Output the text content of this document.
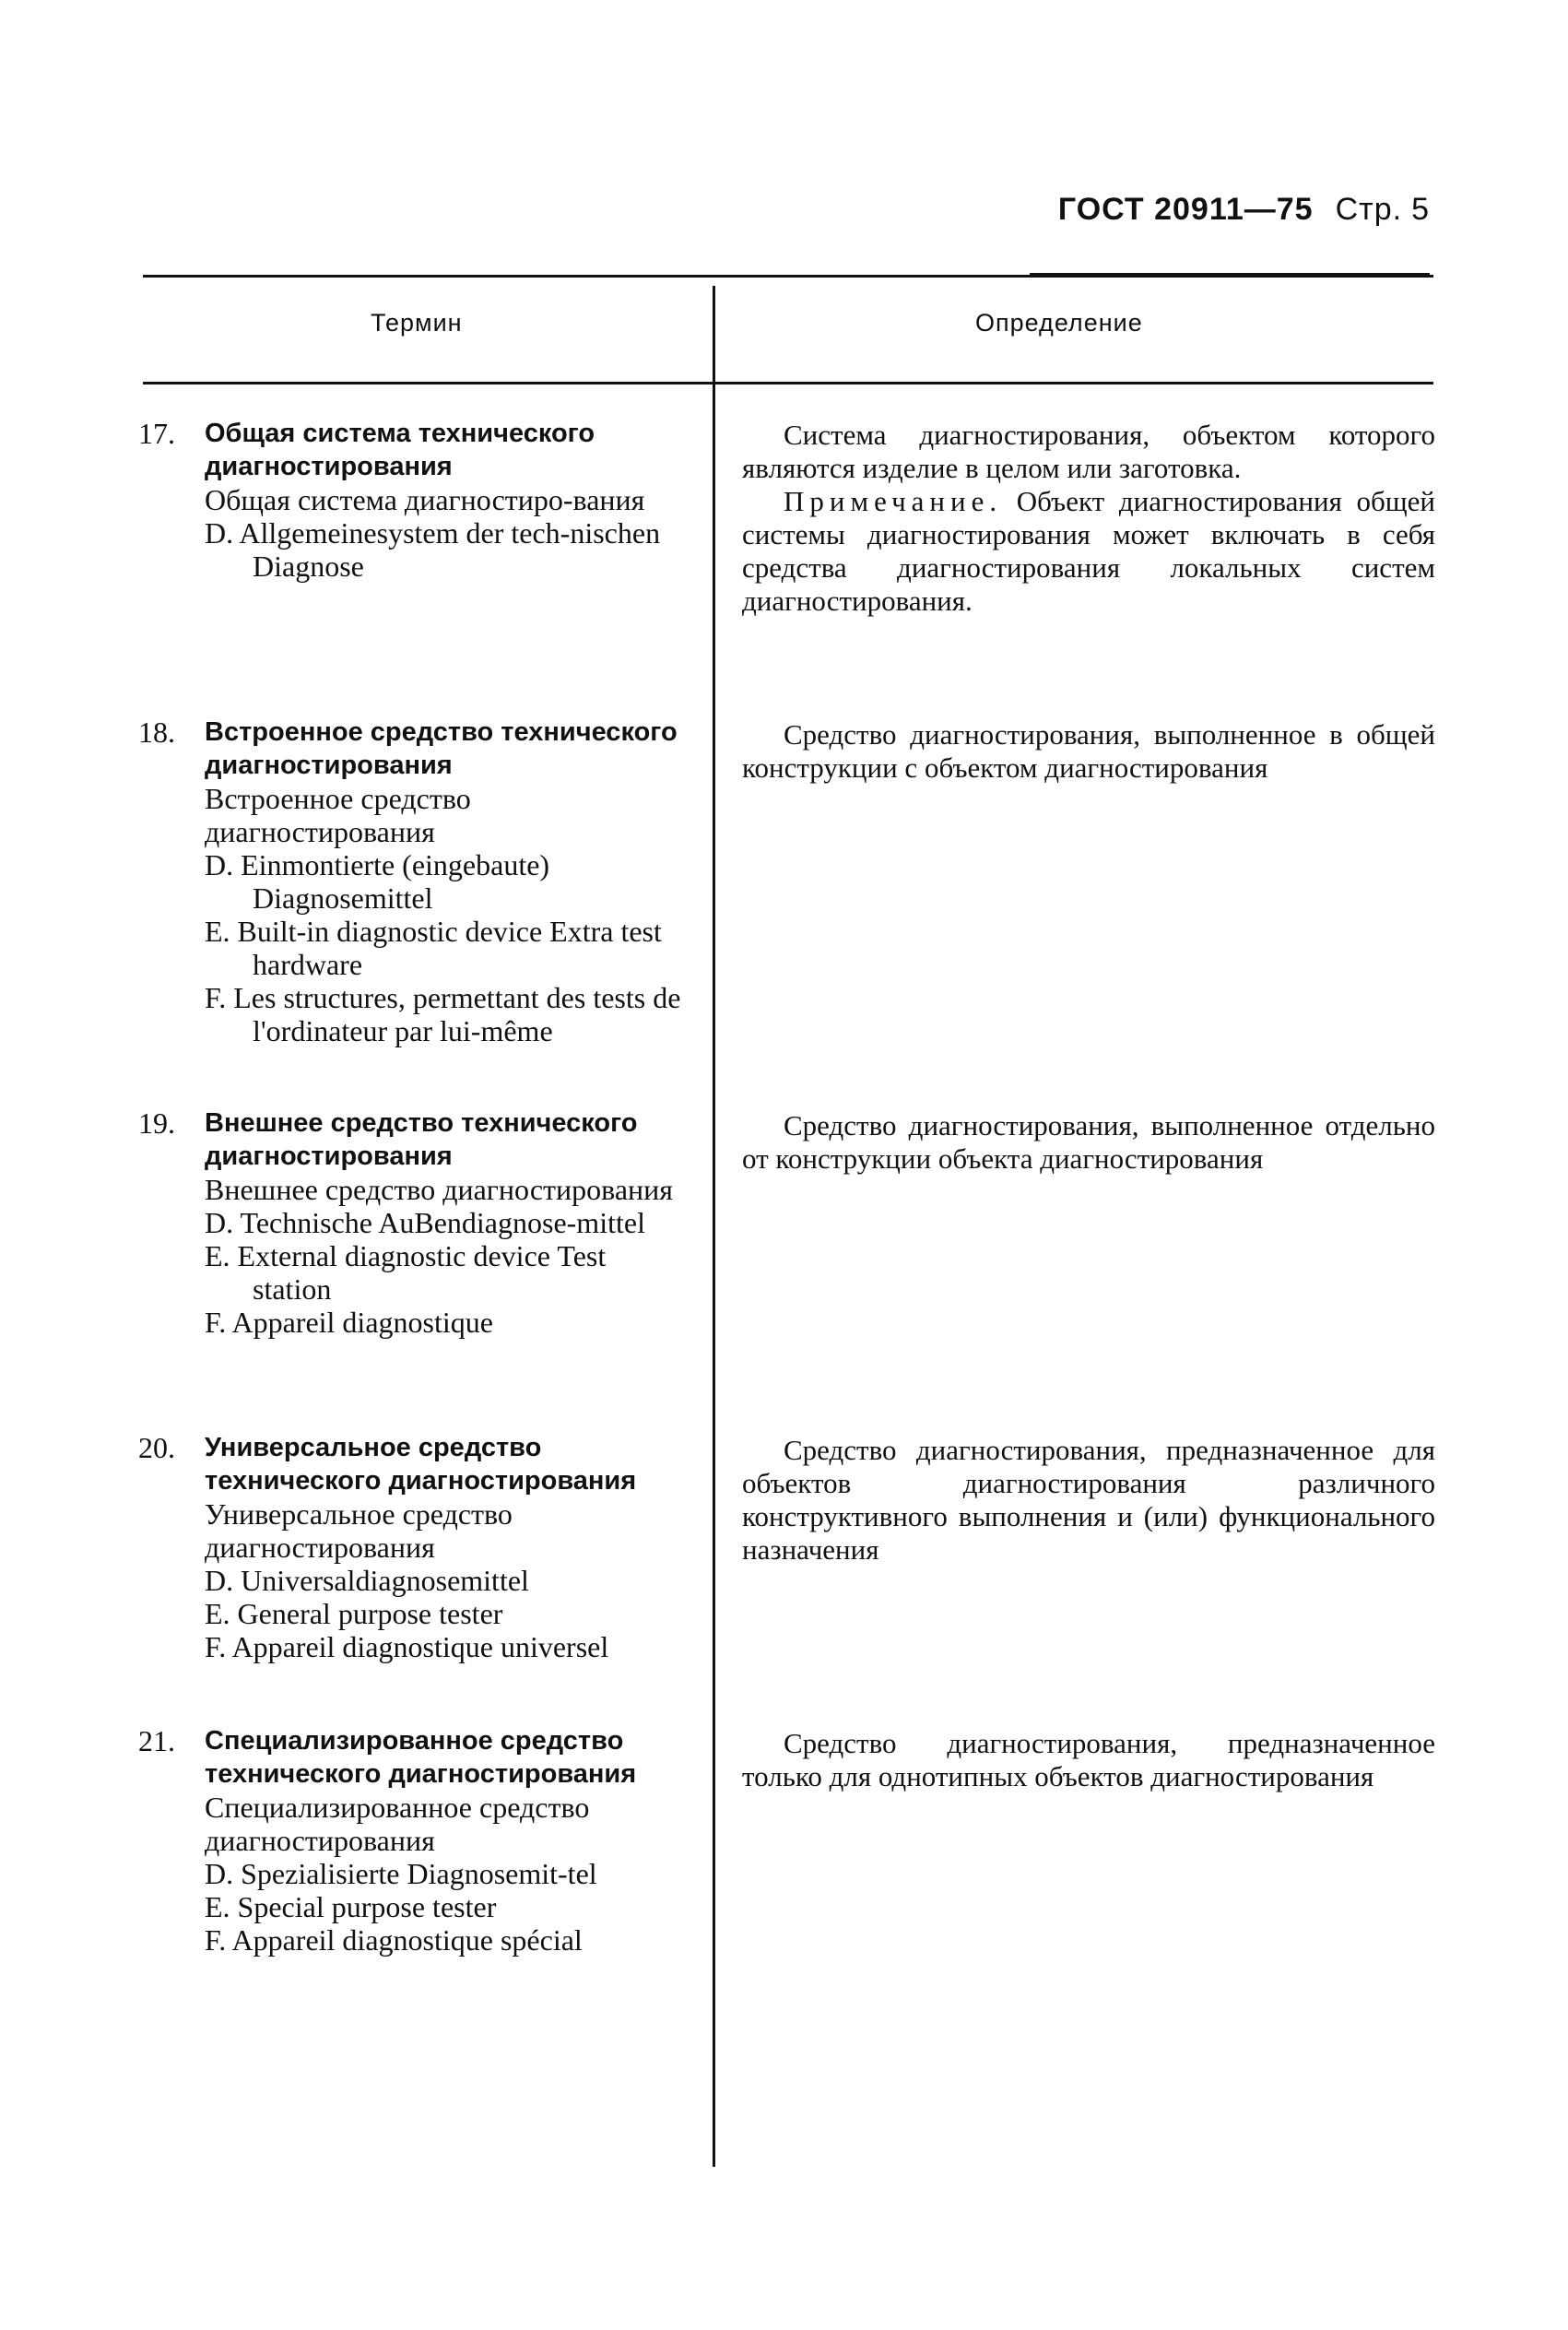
ГОСТ 20911—75 Стр. 5
Термин	Определение
17. Общая система технического диагностирования
Общая система диагностиро-вания
D. Allgemeinesystem der tech-nischen Diagnose

Система диагностирования, объектом которого являются изделие в целом или заготовка.

Примечание. Объект диагностирования общей системы диагностирования может включать в себя средства диагностирования локальных систем диагностирования.

18. Встроенное средство технического диагностирования
Встроенное средство диагностирования
D. Einmontierte (eingebaute) Diagnosemittel
E. Built-in diagnostic device Extra test hardware
F. Les structures, permettant des tests de l'ordinateur par lui-même

Средство диагностирования, выполненное в общей конструкции с объектом диагностирования

19. Внешнее средство технического диагностирования
Внешнее средство диагностирования
D. Technische AuBendiagnose-mittel
E. External diagnostic device Test station
F. Appareil diagnostique

Средство диагностирования, выполненное отдельно от конструкции объекта диагностирования

20. Универсальное средство технического диагностирования
Универсальное средство диагностирования
D. Universaldiagnosemittel
E. General purpose tester
F. Appareil diagnostique universel

Средство диагностирования, предназначенное для объектов диагностирования различного конструктивного выполнения и (или) функционального назначения

21. Специализированное средство технического диагностирования
Специализированное средство диагностирования
D. Spezialisierte Diagnosemit-tel
E. Special purpose tester
F. Appareil diagnostique spécial

Средство диагностирования, предназначенное только для однотипных объектов диагностирования
